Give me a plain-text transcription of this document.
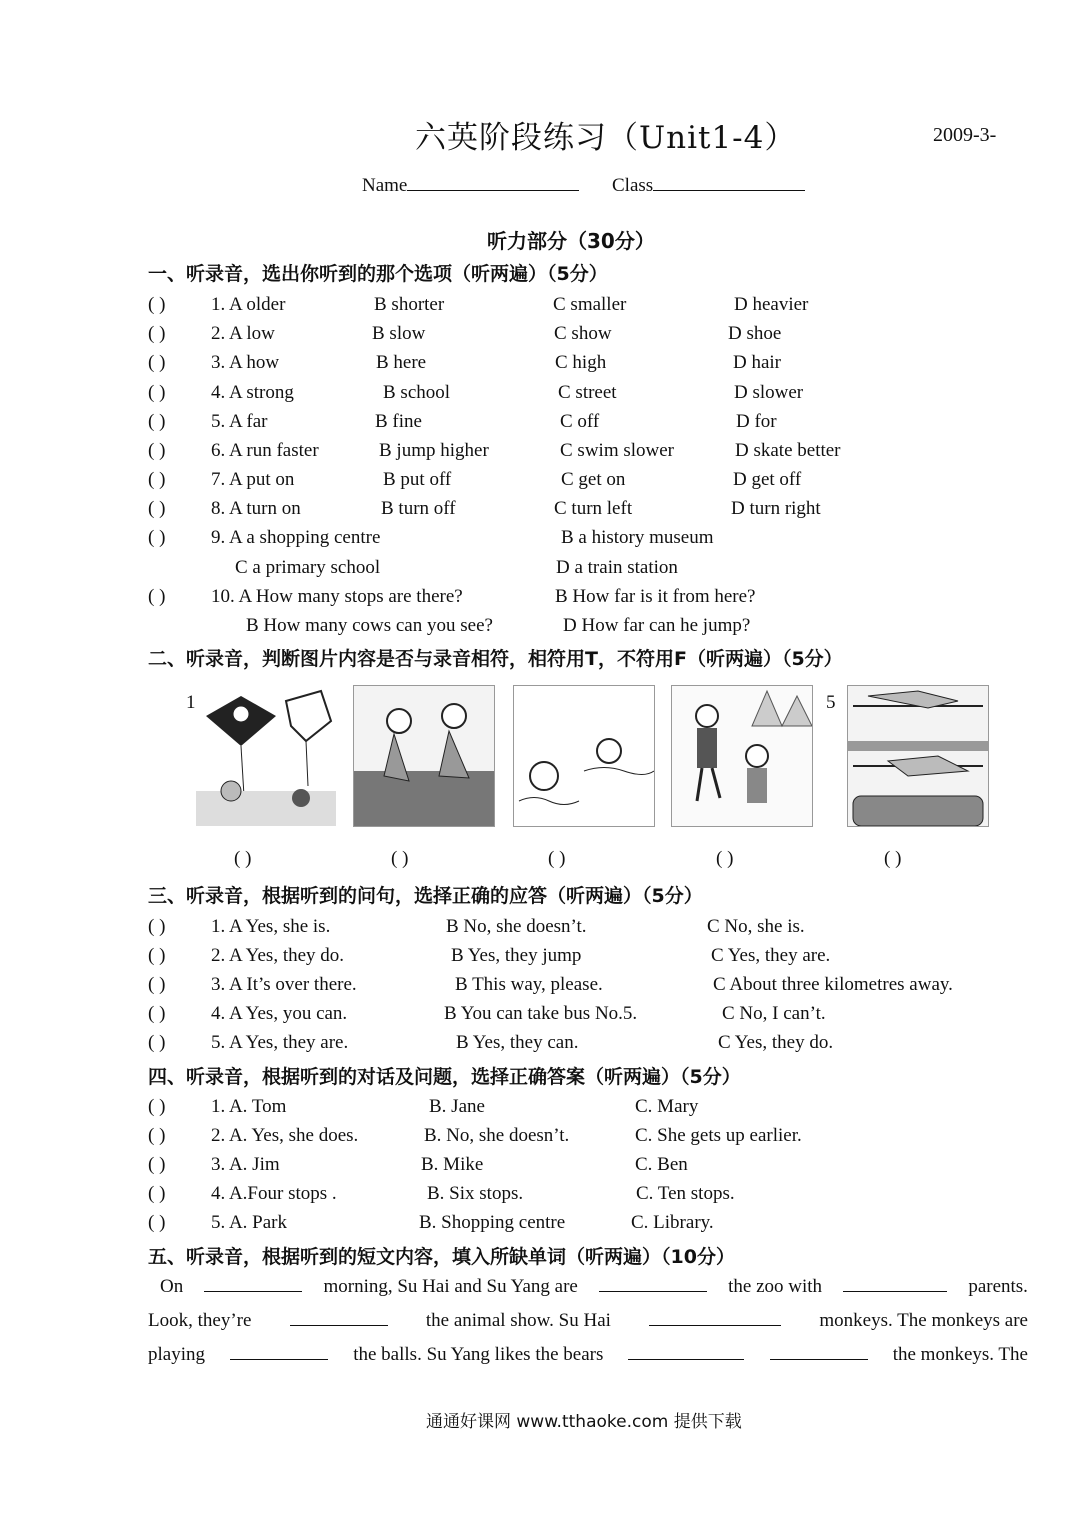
六英阶段练习（Unit1-4）	2009-3-
Name	Class
听力部分（30分）
一、听录音，选出你听到的那个选项（听两遍）（5分）
( ) 1. A older	B shorter	C smaller	D heavier
( ) 2. A low	B slow	C show	D shoe
( ) 3. A how	B here	C high	D hair
( ) 4. A strong	B school	C street	D slower
( ) 5. A far	B fine	C off	D for
( ) 6. A run faster	B jump higher	C swim slower	D skate better
( ) 7. A put on	B put off	C get on	D get off
( ) 8. A turn on	B turn off	C turn left	D turn right
( ) 9. A a shopping centre	B a history museum
C a primary school	D a train station
( ) 10. A How many stops are there?	B How far is it from here?
B How many cows can you see?	D How far can he jump?
二、听录音，判断图片内容是否与录音相符，相符用T，不符用F（听两遍）（5分）
1	5
( )	( )	( )	( )	( )
三、听录音，根据听到的问句，选择正确的应答（听两遍）（5分）
( ) 1. A Yes, she is.	B No, she doesn’t.	C No, she is.
( ) 2. A Yes, they do.	B Yes, they jump	C Yes, they are.
( ) 3. A It’s over there.	B This way, please.	C About three kilometres away.
( ) 4. A Yes, you can.	B You can take bus No.5.	C No, I can’t.
( ) 5. A Yes, they are.	B Yes, they can.	C Yes, they do.
四、听录音，根据听到的对话及问题，选择正确答案（听两遍）（5分）
( ) 1. A. Tom	B. Jane	C. Mary
( ) 2. A. Yes, she does.	B. No, she doesn’t.	C. She gets up earlier.
( ) 3. A. Jim	B. Mike	C. Ben
( ) 4. A.Four stops .	B. Six stops.	C. Ten stops.
( ) 5. A. Park	B. Shopping centre	C. Library.
五、听录音，根据听到的短文内容，填入所缺单词（听两遍）（10分）
On	morning, Su Hai and Su Yang are	the zoo with	parents.
Look, they’re	the animal show. Su Hai	monkeys. The monkeys are
playing	the balls. Su Yang likes the bears	the monkeys. The
通通好课网 www.tthaoke.com 提供下载
